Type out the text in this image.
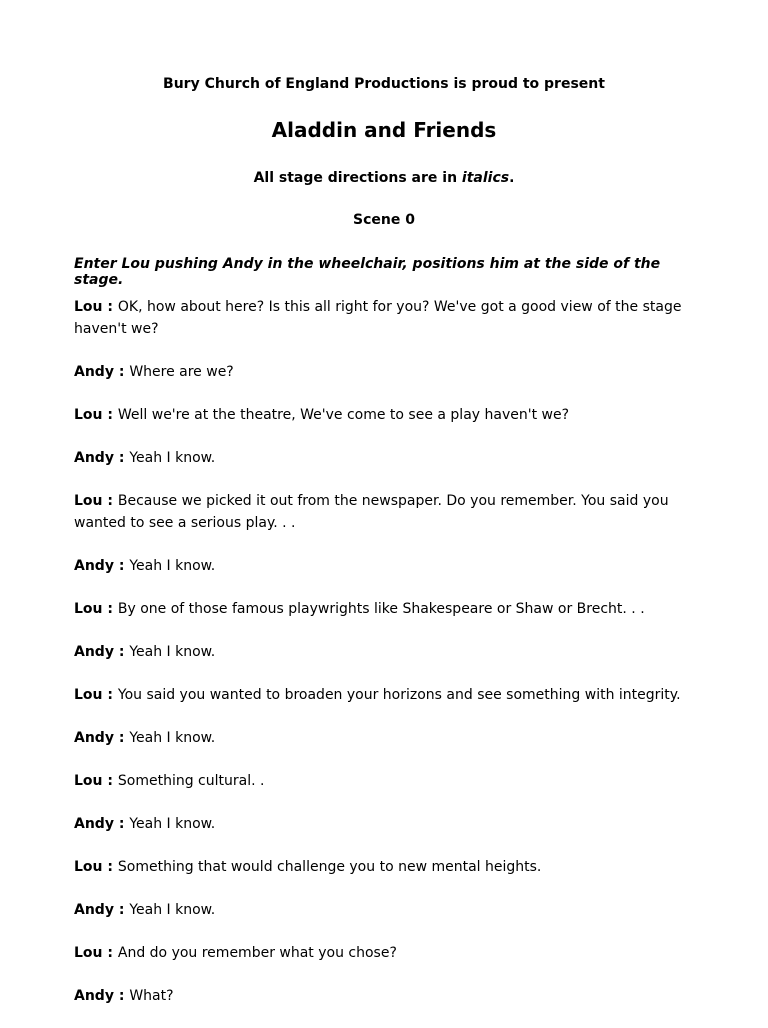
Bury Church of England Productions is proud to present
Aladdin and Friends
All stage directions are in italics.
Scene 0
Enter Lou pushing Andy in the wheelchair, positions him at the side of the stage.
Lou : OK, how about here? Is this all right for you? We've got a good view of the stage haven't we?
Andy : Where are we?
Lou : Well we're at the theatre, We've come to see a play haven't we?
Andy : Yeah I know.
Lou : Because we picked it out from the newspaper. Do you remember. You said you wanted to see a serious play. . .
Andy : Yeah I know.
Lou : By one of those famous playwrights like Shakespeare or Shaw or Brecht. . .
Andy : Yeah I know.
Lou : You said you wanted to broaden your horizons and see something with integrity.
Andy : Yeah I know.
Lou : Something cultural. .
Andy : Yeah I know.
Lou : Something that would challenge you to new mental heights.
Andy : Yeah I know.
Lou : And do you remember what you chose?
Andy : What?
